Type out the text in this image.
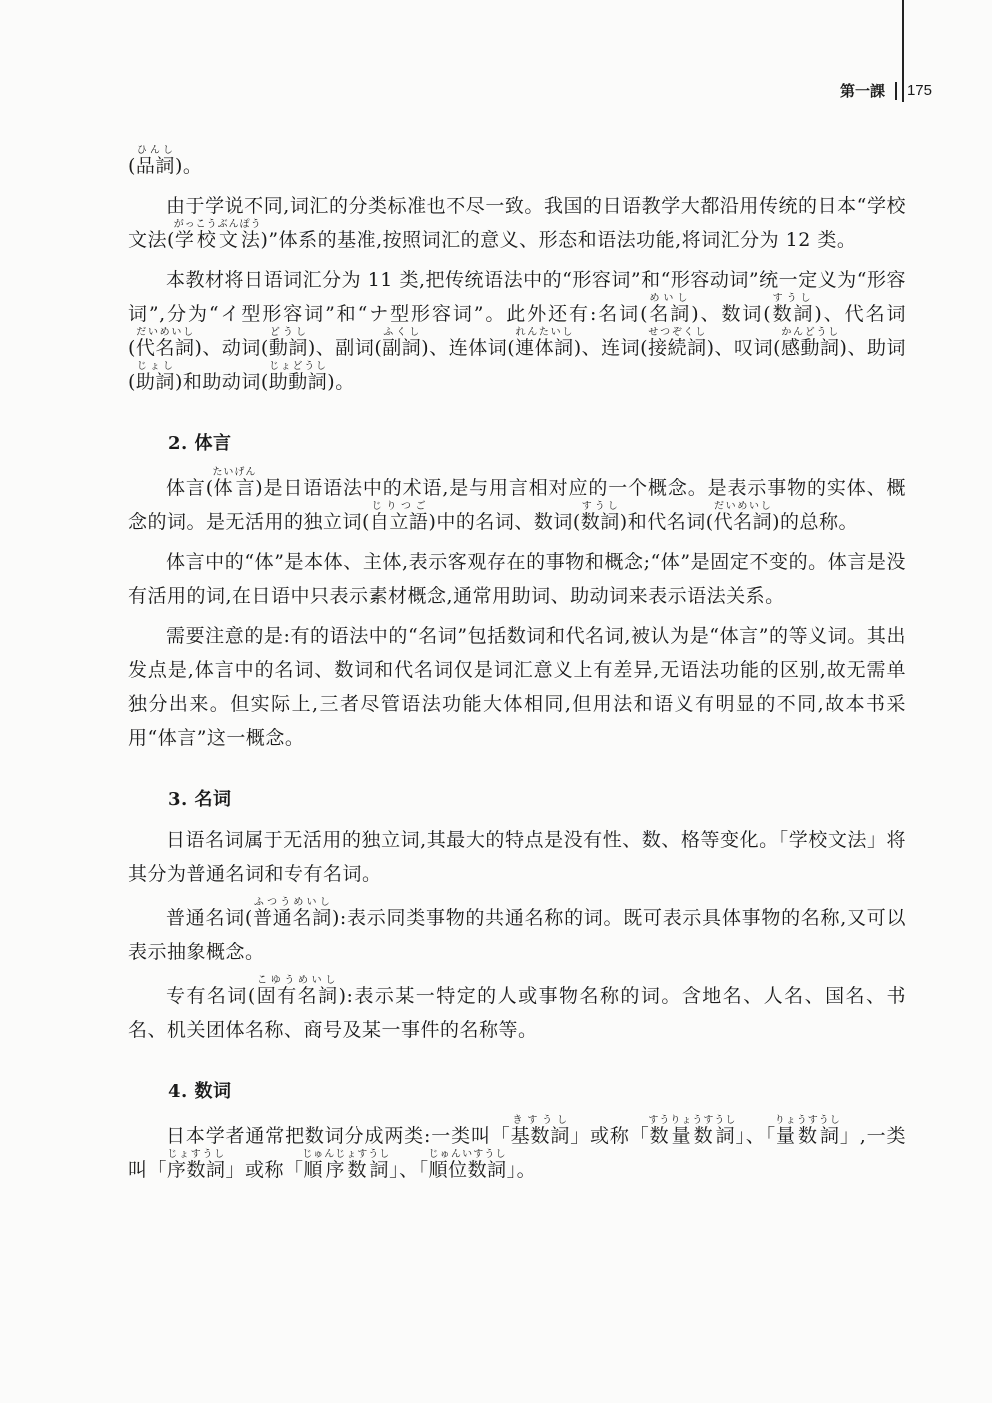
第一課 175

(品詞ひんし)。

由于学说不同,词汇的分类标准也不尽一致。我国的日语教学大都沿用传统的日本“学校文法(学校文法がっこうぶんぽう)”体系的基准,按照词汇的意义、形态和语法功能,将词汇分为 12 类。

本教材将日语词汇分为 11 类,把传统语法中的“形容词”和“形容动词”统一定义为“形容词”,分为“イ型形容词”和“ナ型形容词”。此外还有:名词(名詞めいし)、数词(数詞すうし)、代名词(代名詞だいめいし)、动词(動詞どうし)、副词(副詞ふくし)、连体词(連体詞れんたいし)、连词(接続詞せつぞくし)、叹词(感動詞かんどうし)、助词(助詞じょし)和助动词(助動詞じょどうし)。

2. 体言

体言(体言たいげん)是日语语法中的术语,是与用言相对应的一个概念。是表示事物的实体、概念的词。是无活用的独立词(自立語じりつご)中的名词、数词(数詞すうし)和代名词(代名詞だいめいし)的总称。

体言中的“体”是本体、主体,表示客观存在的事物和概念;“体”是固定不变的。体言是没有活用的词,在日语中只表示素材概念,通常用助词、助动词来表示语法关系。

需要注意的是:有的语法中的“名词”包括数词和代名词,被认为是“体言”的等义词。其出发点是,体言中的名词、数词和代名词仅是词汇意义上有差异,无语法功能的区别,故无需单独分出来。但实际上,三者尽管语法功能大体相同,但用法和语义有明显的不同,故本书采用“体言”这一概念。

3. 名词

日语名词属于无活用的独立词,其最大的特点是没有性、数、格等变化。「学校文法」将其分为普通名词和专有名词。

普通名词(普通名詞ふつうめいし):表示同类事物的共通名称的词。既可表示具体事物的名称,又可以表示抽象概念。

专有名词(固有名詞こゆうめいし):表示某一特定的人或事物名称的词。含地名、人名、国名、书名、机关团体名称、商号及某一事件的名称等。

4. 数词

日本学者通常把数词分成两类:一类叫「基数詞きすうし」或称「数量数詞すうりょうすうし」、「量数詞りょうすうし」,一类叫「序数詞じょすうし」或称「順序数詞じゅんじょすうし」、「順位数詞じゅんいすうし」。
